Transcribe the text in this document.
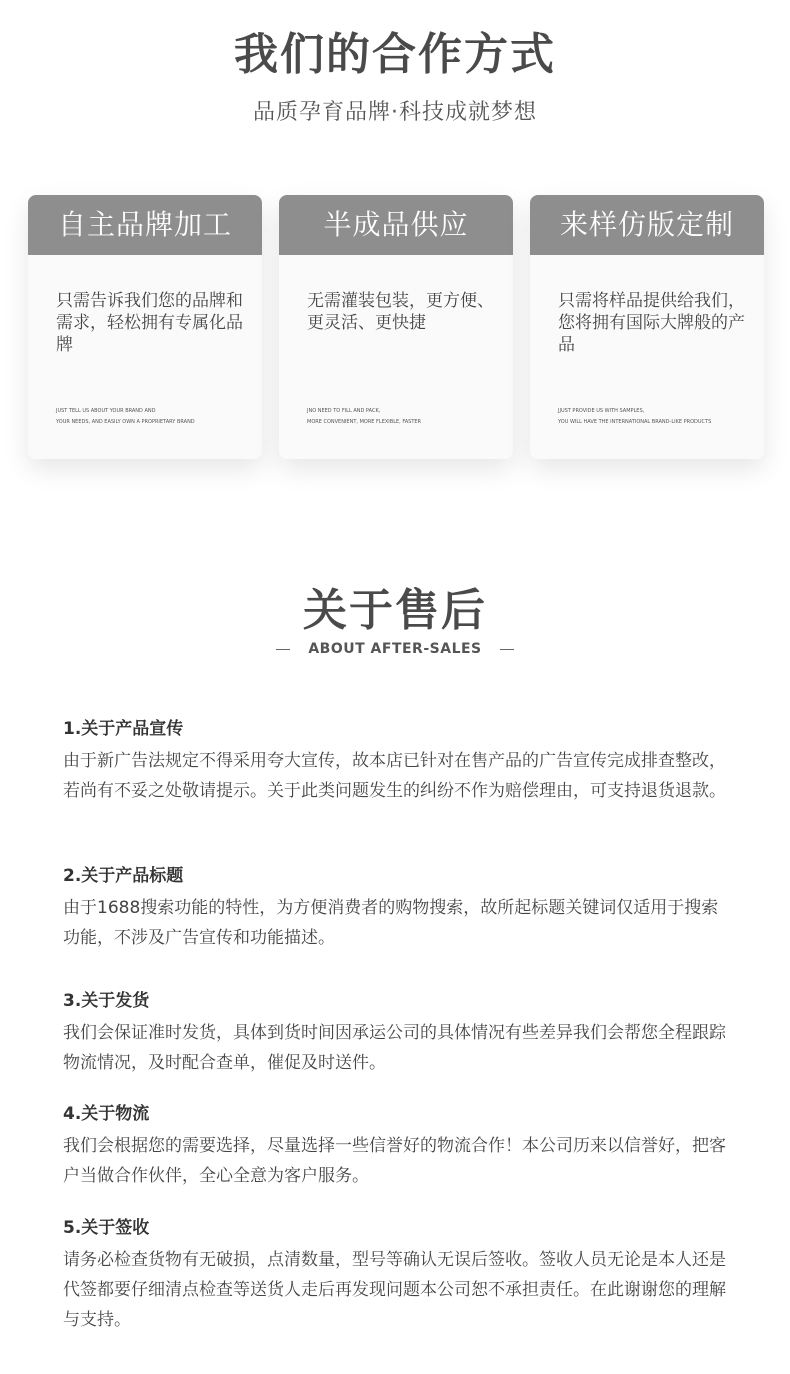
我们的合作方式
品质孕育品牌·科技成就梦想
自主品牌加工
只需告诉我们您的品牌和需求，轻松拥有专属化品牌
JUST TELL US ABOUT YOUR BRAND AND
YOUR NEEDS, AND EASILY OWN A PROPRIETARY BRAND
半成品供应
无需灌装包装，更方便、更灵活、更快捷
JNO NEED TO FILL AND PACK,
MORE CONVENIENT, MORE FLEXIBLE, FASTER
来样仿版定制
只需将样品提供给我们，您将拥有国际大牌般的产品
JJUST PROVIDE US WITH SAMPLES,
YOU WILL HAVE THE INTERNATIONAL BRAND-LIKE PRODUCTS
关于售后
ABOUT AFTER-SALES
1.关于产品宣传
由于新广告法规定不得采用夸大宣传，故本店已针对在售产品的广告宣传完成排查整改，若尚有不妥之处敬请提示。关于此类问题发生的纠纷不作为赔偿理由，可支持退货退款。
2.关于产品标题
由于1688搜索功能的特性，为方便消费者的购物搜索，故所起标题关键词仅适用于搜索功能，不涉及广告宣传和功能描述。
3.关于发货
我们会保证准时发货，具体到货时间因承运公司的具体情况有些差异我们会帮您全程跟踪物流情况，及时配合查单，催促及时送件。
4.关于物流
我们会根据您的需要选择，尽量选择一些信誉好的物流合作！本公司历来以信誉好，把客户当做合作伙伴，全心全意为客户服务。
5.关于签收
请务必检查货物有无破损，点清数量，型号等确认无误后签收。签收人员无论是本人还是代签都要仔细清点检查等送货人走后再发现问题本公司恕不承担责任。在此谢谢您的理解与支持。
